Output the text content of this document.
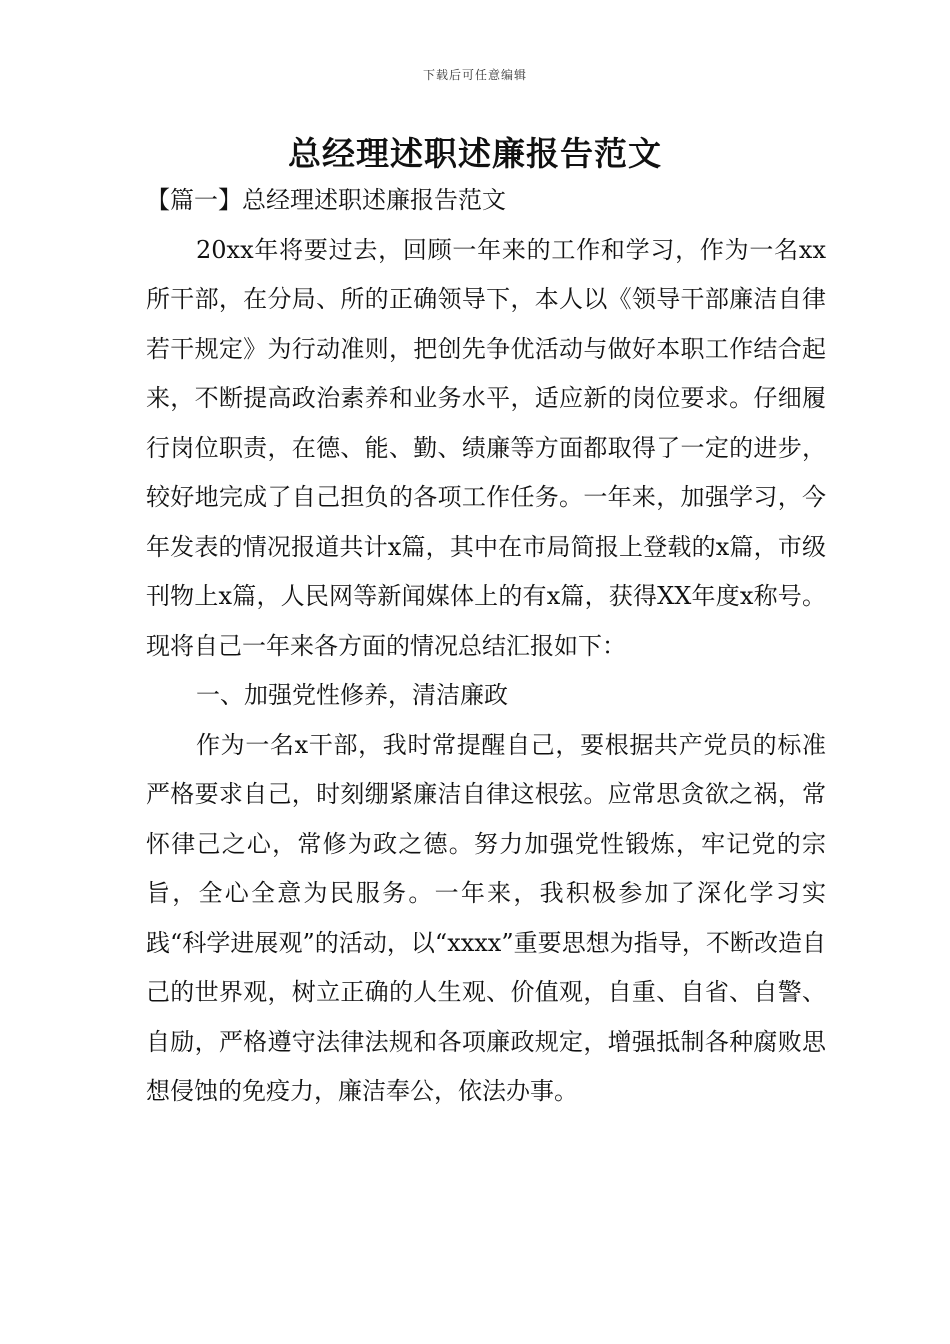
下载后可任意编辑
总经理述职述廉报告范文

【篇一】总经理述职述廉报告范文

20xx年将要过去，回顾一年来的工作和学习，作为一名xx所干部，在分局、所的正确领导下，本人以《领导干部廉洁自律若干规定》为行动准则，把创先争优活动与做好本职工作结合起来，不断提高政治素养和业务水平，适应新的岗位要求。仔细履行岗位职责，在德、能、勤、绩廉等方面都取得了一定的进步，较好地完成了自己担负的各项工作任务。一年来，加强学习，今年发表的情况报道共计x篇，其中在市局简报上登载的x篇，市级刊物上x篇，人民网等新闻媒体上的有x篇，获得XX年度x称号。现将自己一年来各方面的情况总结汇报如下：

一、加强党性修养，清洁廉政

作为一名x干部，我时常提醒自己，要根据共产党员的标准严格要求自己，时刻绷紧廉洁自律这根弦。应常思贪欲之祸，常怀律己之心，常修为政之德。努力加强党性锻炼，牢记党的宗旨，全心全意为民服务。一年来，我积极参加了深化学习实践“科学进展观”的活动，以“xxxx”重要思想为指导，不断改造自己的世界观，树立正确的人生观、价值观，自重、自省、自警、自励，严格遵守法律法规和各项廉政规定，增强抵制各种腐败思想侵蚀的免疫力，廉洁奉公，依法办事。
